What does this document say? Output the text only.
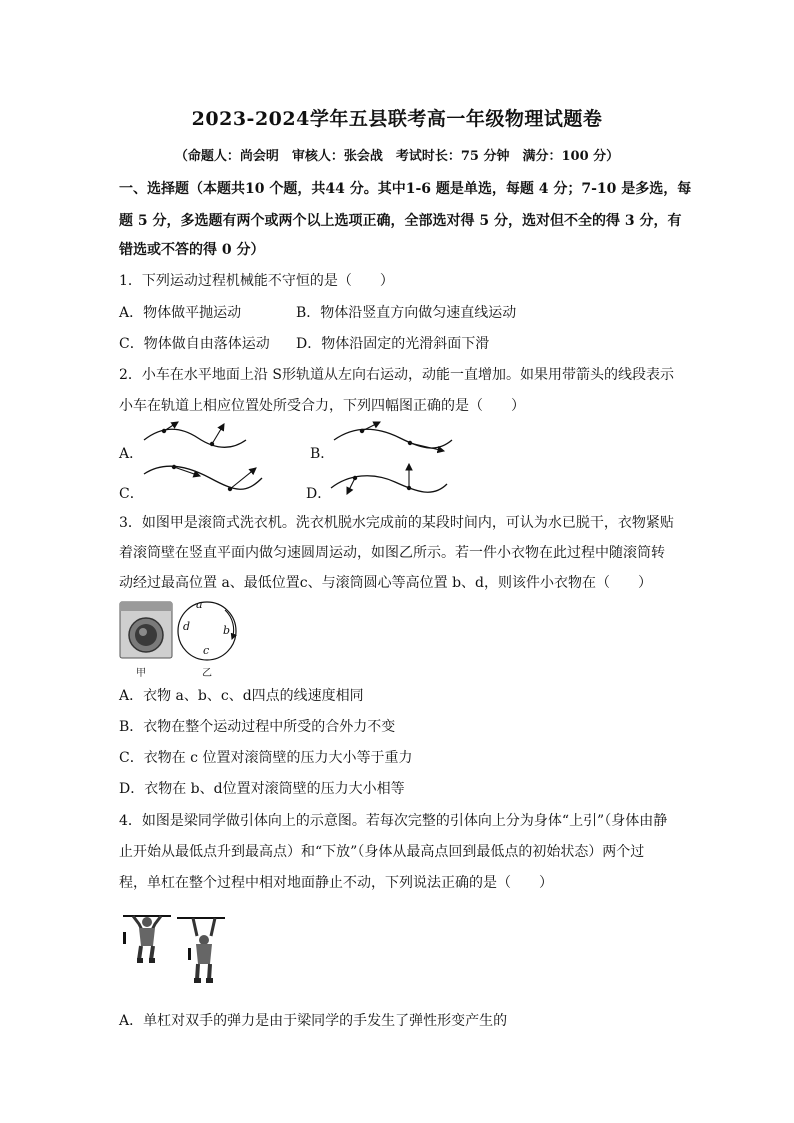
2023-2024学年五县联考高一年级物理试题卷
（命题人：尚会明　审核人：张会战　考试时长：75 分钟　满分：100 分）
一、选择题（本题共10 个题，共44 分。其中1-6 题是单选，每题 4 分；7-10 是多选，每
题 5 分，多选题有两个或两个以上选项正确，全部选对得 5 分，选对但不全的得 3 分，有
错选或不答的得 0 分）
1．下列运动过程机械能不守恒的是（　　）
A．物体做平抛运动	B．物体沿竖直方向做匀速直线运动
C．物体做自由落体运动 D．物体沿固定的光滑斜面下滑
2．小车在水平地面上沿 S形轨道从左向右运动，动能一直增加。如果用带箭头的线段表示
小车在轨道上相应位置处所受合力，下列四幅图正确的是（　　）
A．	B．
C．	D．
3．如图甲是滚筒式洗衣机。洗衣机脱水完成前的某段时间内，可认为水已脱干，衣物紧贴
着滚筒壁在竖直平面内做匀速圆周运动，如图乙所示。若一件小衣物在此过程中随滚筒转
动经过最高位置 a、最低位置c、与滚筒圆心等高位置 b、d，则该件小衣物在（　　）
甲
a
b
c
d
乙
A．衣物 a、b、c、d四点的线速度相同
B．衣物在整个运动过程中所受的合外力不变
C．衣物在 c 位置对滚筒壁的压力大小等于重力
D．衣物在 b、d位置对滚筒壁的压力大小相等
4．如图是梁同学做引体向上的示意图。若每次完整的引体向上分为身体“上引”（身体由静
止开始从最低点升到最高点）和“下放”（身体从最高点回到最低点的初始状态）两个过
程，单杠在整个过程中相对地面静止不动，下列说法正确的是（　　）
A．单杠对双手的弹力是由于梁同学的手发生了弹性形变产生的
